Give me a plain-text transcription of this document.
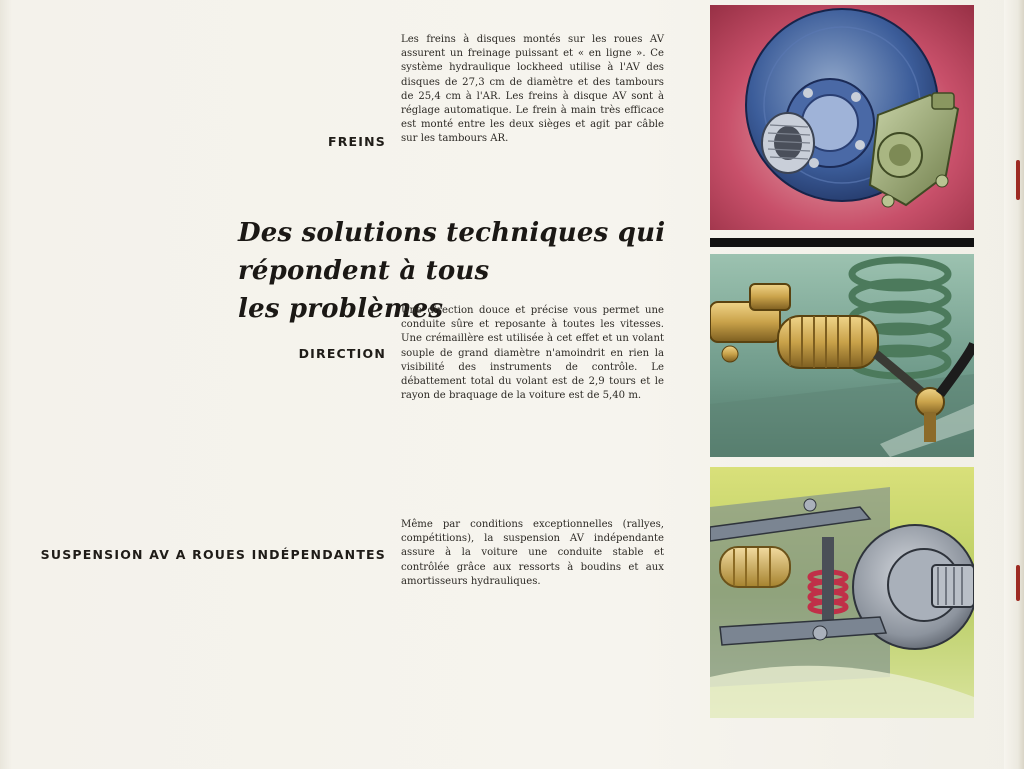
FREINS
Les freins à disques montés sur les roues AV assurent un freinage puissant et « en ligne ». Ce système hydraulique lockheed utilise à l'AV des disques de 27,3 cm de diamètre et des tambours de 25,4 cm à l'AR. Les freins à disque AV sont à réglage automatique. Le frein à main très efficace est monté entre les deux sièges et agit par câble sur les tambours AR.
Des solutions techniques qui répondent à tous
les problèmes
DIRECTION
Une direction douce et précise vous permet une conduite sûre et reposante à toutes les vitesses. Une crémaillère est utilisée à cet effet et un volant souple de grand diamètre n'amoindrit en rien la visibilité des instruments de contrôle. Le débattement total du volant est de 2,9 tours et le rayon de braquage de la voiture est de 5,40 m.
SUSPENSION AV A ROUES INDÉPENDANTES
Même par conditions exceptionnelles (rallyes, compétitions), la suspension AV indépendante assure à la voiture une conduite stable et contrôlée grâce aux ressorts à boudins et aux amortisseurs hydrauliques.
